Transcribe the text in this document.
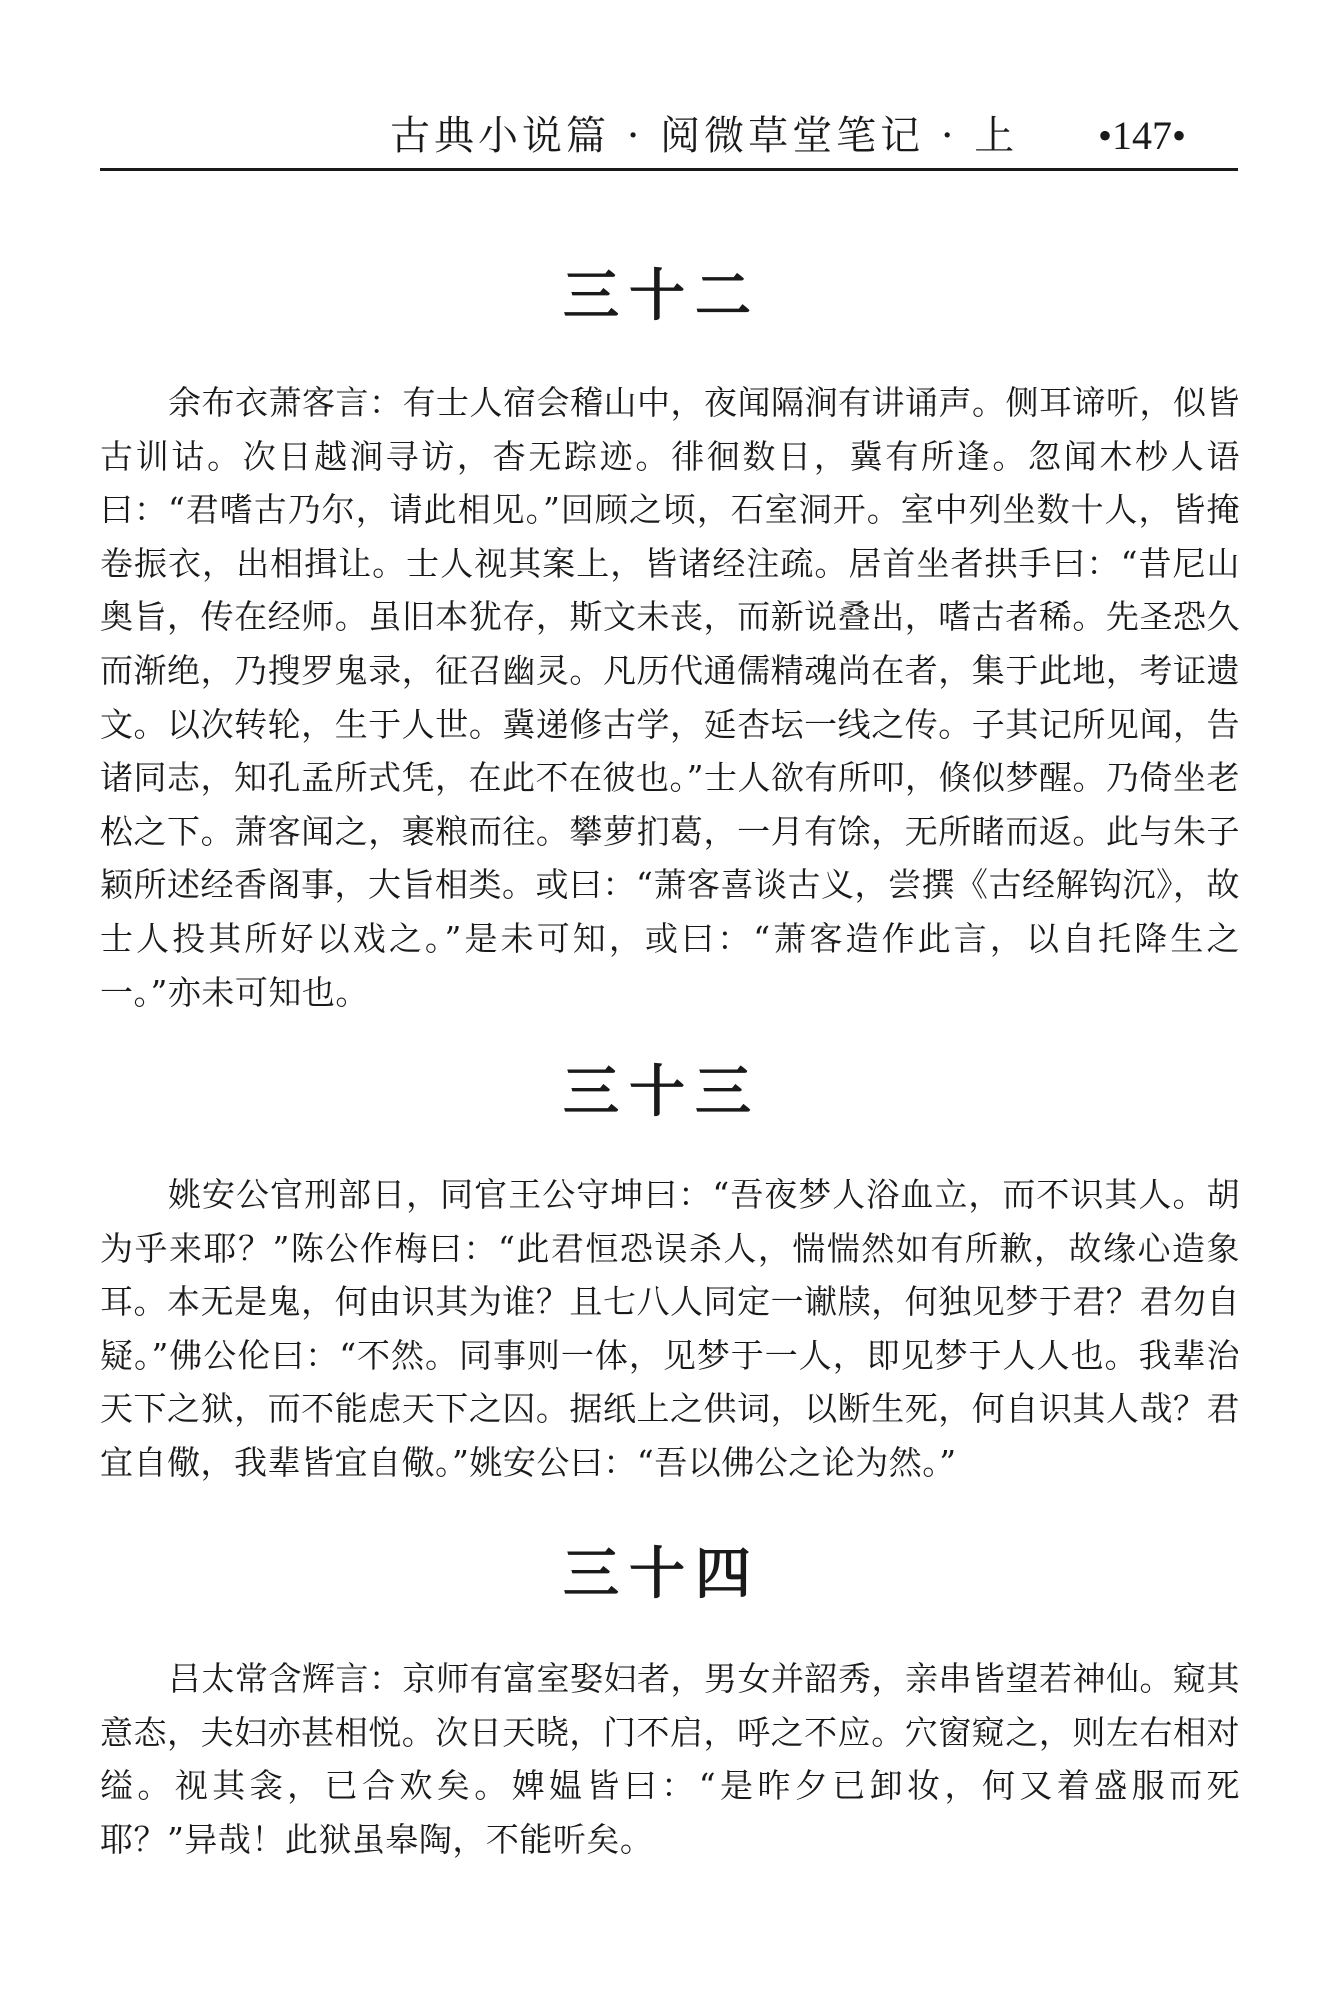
古典小说篇 · 阅微草堂笔记 · 上 •147•
三十二

余布衣萧客言：有士人宿会稽山中，夜闻隔涧有讲诵声。侧耳谛听，似皆古训诂。次日越涧寻访，杳无踪迹。徘徊数日，冀有所逢。忽闻木杪人语曰：“君嗜古乃尔，请此相见。”回顾之顷，石室洞开。室中列坐数十人，皆掩卷振衣，出相揖让。士人视其案上，皆诸经注疏。居首坐者拱手曰：“昔尼山奥旨，传在经师。虽旧本犹存，斯文未丧，而新说叠出，嗜古者稀。先圣恐久而渐绝，乃搜罗鬼录，征召幽灵。凡历代通儒精魂尚在者，集于此地，考证遗文。以次转轮，生于人世。冀递修古学，延杏坛一线之传。子其记所见闻，告诸同志，知孔孟所式凭，在此不在彼也。”士人欲有所叩，倏似梦醒。乃倚坐老松之下。萧客闻之，裹粮而往。攀萝扪葛，一月有馀，无所睹而返。此与朱子颖所述经香阁事，大旨相类。或曰：“萧客喜谈古义，尝撰《古经解钩沉》，故士人投其所好以戏之。”是未可知，或曰：“萧客造作此言，以自托降生之一。”亦未可知也。

三十三

姚安公官刑部日，同官王公守坤曰：“吾夜梦人浴血立，而不识其人。胡为乎来耶？”陈公作梅曰：“此君恒恐误杀人，惴惴然如有所歉，故缘心造象耳。本无是鬼，何由识其为谁？且七八人同定一谳牍，何独见梦于君？君勿自疑。”佛公伦曰：“不然。同事则一体，见梦于一人，即见梦于人人也。我辈治天下之狱，而不能虑天下之囚。据纸上之供词，以断生死，何自识其人哉？君宜自儆，我辈皆宜自儆。”姚安公曰：“吾以佛公之论为然。”

三十四

吕太常含辉言：京师有富室娶妇者，男女并韶秀，亲串皆望若神仙。窥其意态，夫妇亦甚相悦。次日天晓，门不启，呼之不应。穴窗窥之，则左右相对缢。视其衾，已合欢矣。婢媪皆曰：“是昨夕已卸妆，何又着盛服而死耶？”异哉！此狱虽皋陶，不能听矣。
